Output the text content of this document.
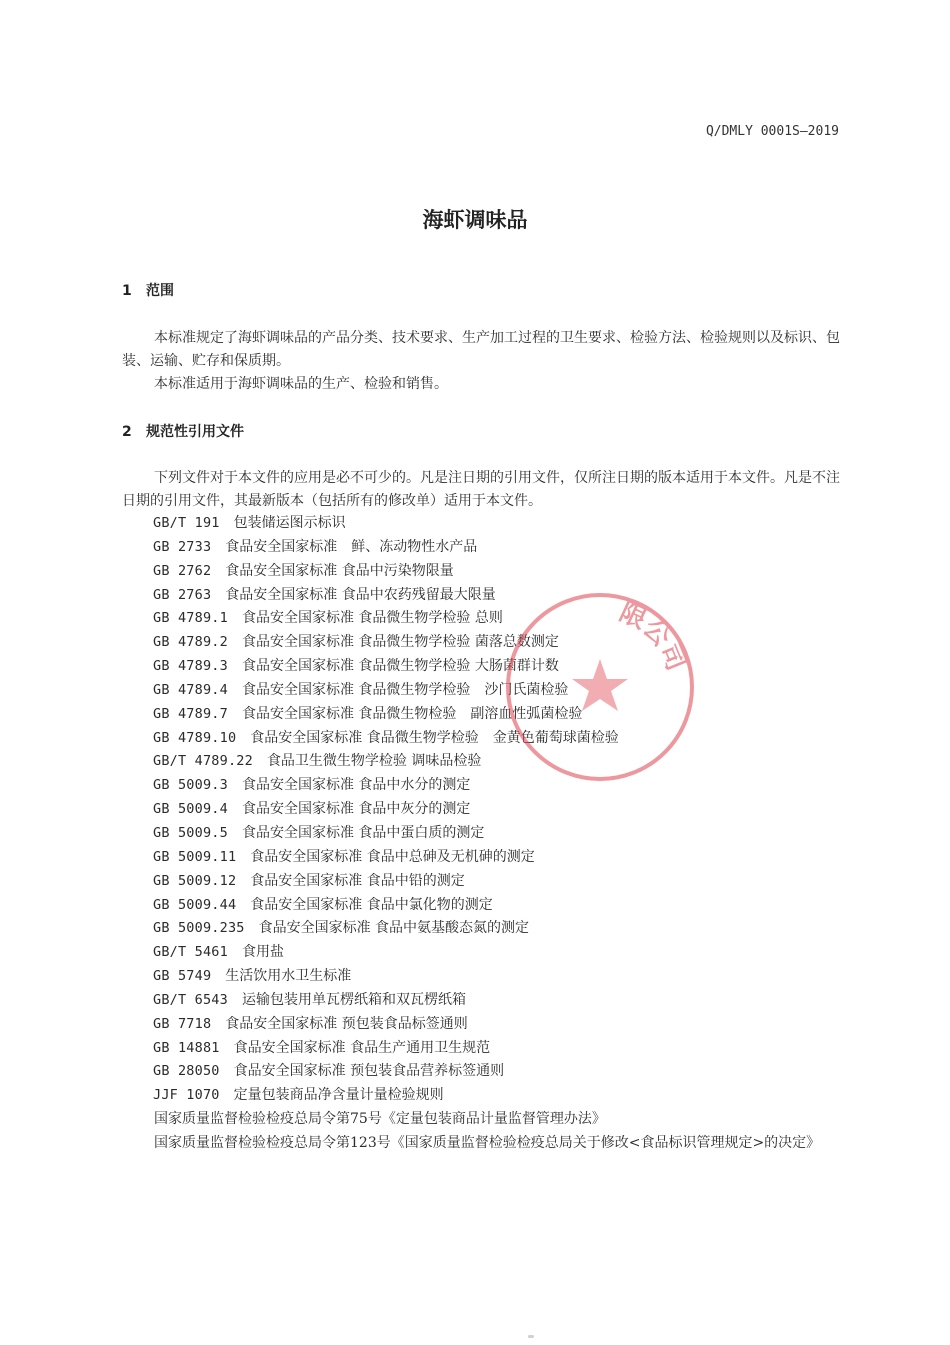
Q/DMLY 0001S—2019
海虾调味品
1 范围
本标准规定了海虾调味品的产品分类、技术要求、生产加工过程的卫生要求、检验方法、检验规则以及标识、包装、运输、贮存和保质期。
本标准适用于海虾调味品的生产、检验和销售。
2 规范性引用文件
下列文件对于本文件的应用是必不可少的。凡是注日期的引用文件，仅所注日期的版本适用于本文件。凡是不注日期的引用文件，其最新版本（包括所有的修改单）适用于本文件。
GB/T 191 包装储运图示标识
GB 2733 食品安全国家标准　鲜、冻动物性水产品
GB 2762 食品安全国家标准 食品中污染物限量
GB 2763 食品安全国家标准 食品中农药残留最大限量
GB 4789.1 食品安全国家标准 食品微生物学检验 总则
GB 4789.2 食品安全国家标准 食品微生物学检验 菌落总数测定
GB 4789.3 食品安全国家标准 食品微生物学检验 大肠菌群计数
GB 4789.4 食品安全国家标准 食品微生物学检验　沙门氏菌检验
GB 4789.7 食品安全国家标准 食品微生物检验　副溶血性弧菌检验
GB 4789.10 食品安全国家标准 食品微生物学检验　金黄色葡萄球菌检验
GB/T 4789.22 食品卫生微生物学检验 调味品检验
GB 5009.3 食品安全国家标准 食品中水分的测定
GB 5009.4 食品安全国家标准 食品中灰分的测定
GB 5009.5 食品安全国家标准 食品中蛋白质的测定
GB 5009.11 食品安全国家标准 食品中总砷及无机砷的测定
GB 5009.12 食品安全国家标准 食品中铅的测定
GB 5009.44 食品安全国家标准 食品中氯化物的测定
GB 5009.235 食品安全国家标准 食品中氨基酸态氮的测定
GB/T 5461 食用盐
GB 5749 生活饮用水卫生标准
GB/T 6543 运输包装用单瓦楞纸箱和双瓦楞纸箱
GB 7718 食品安全国家标准 预包装食品标签通则
GB 14881 食品安全国家标准 食品生产通用卫生规范
GB 28050 食品安全国家标准 预包装食品营养标签通则
JJF 1070 定量包装商品净含量计量检验规则

国家质量监督检验检疫总局令第75号《定量包装商品计量监督管理办法》

国家质量监督检验检疫总局令第123号《国家质量监督检验检疫总局关于修改<食品标识管理规定>的决定》

限公司
